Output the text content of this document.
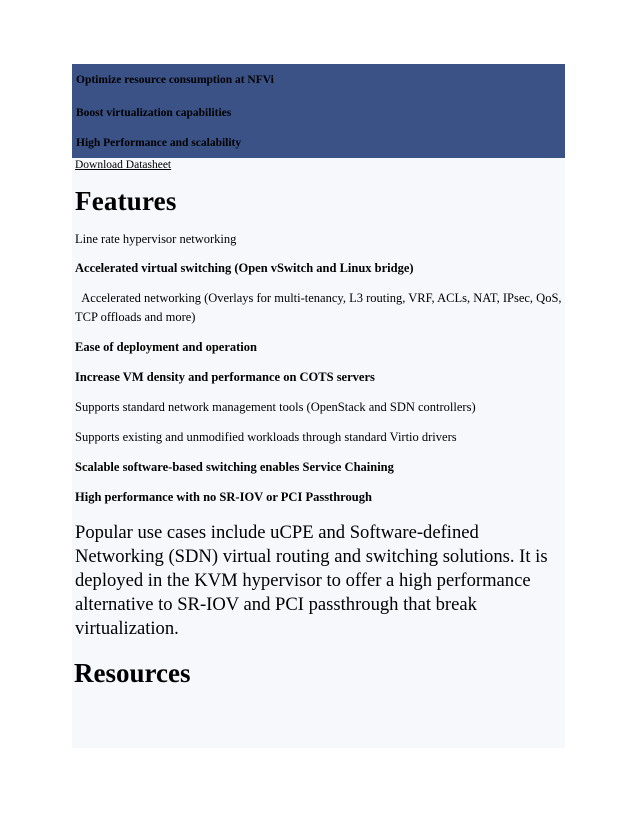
Optimize resource consumption at NFVi
Boost virtualization capabilities
High Performance and scalability
Download Datasheet
Features
Line rate hypervisor networking
Accelerated virtual switching (Open vSwitch and Linux bridge)
Accelerated networking (Overlays for multi-tenancy, L3 routing, VRF, ACLs, NAT, IPsec, QoS, TCP offloads and more)
Ease of deployment and operation
Increase VM density and performance on COTS servers
Supports standard network management tools (OpenStack and SDN controllers)
Supports existing and unmodified workloads through standard Virtio drivers
Scalable software-based switching enables Service Chaining
High performance with no SR-IOV or PCI Passthrough
Popular use cases include uCPE and Software-defined Networking (SDN) virtual routing and switching solutions. It is deployed in the KVM hypervisor to offer a high performance alternative to SR-IOV and PCI passthrough that break virtualization.
Resources
